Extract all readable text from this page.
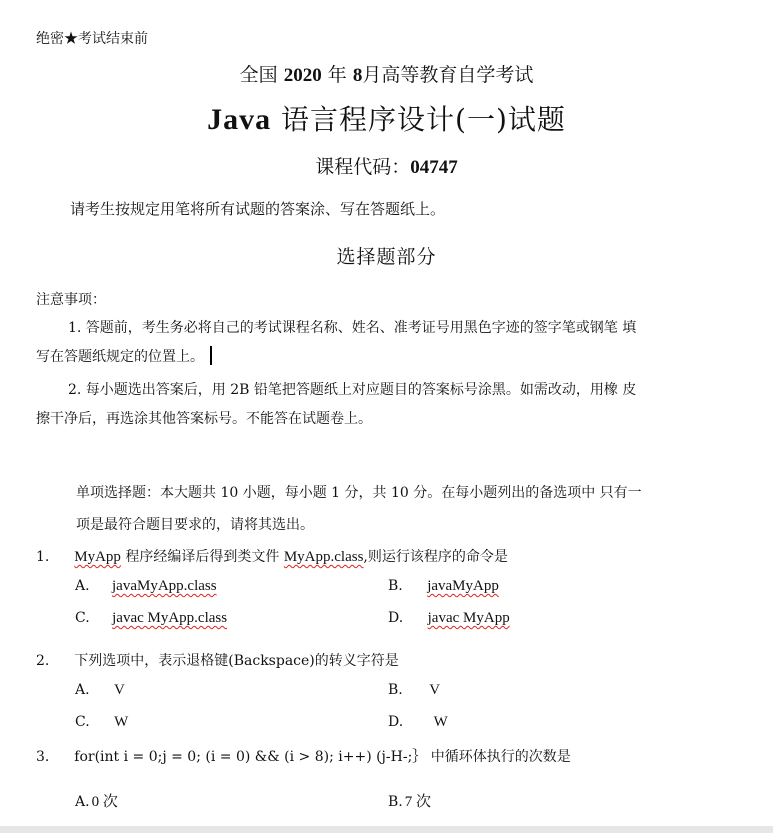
绝密★考试结束前
全国 2020 年 8月高等教育自学考试
Java 语言程序设计(一)试题
课程代码：04747
请考生按规定用笔将所有试题的答案涂、写在答题纸上。
选择题部分
注意事项：
1. 答题前，考生务必将自己的考试课程名称、姓名、准考证号用黑色字迹的签字笔或钢笔 填
写在答题纸规定的位置上。
2. 每小题选出答案后，用 2B 铅笔把答题纸上对应题目的答案标号涂黑。如需改动，用橡 皮
擦干净后，再选涂其他答案标号。不能答在试题卷上。
单项选择题：本大题共 10 小题，每小题 1 分，共 10 分。在每小题列出的备选项中 只有一
项是最符合题目要求的，请将其选出。
1. MyApp 程序经编译后得到类文件 MyApp.class,则运行该程序的命令是
A. javaMyApp.class	B. javaMyApp
C. javac MyApp.class	D. javac MyApp
2. 下列选项中，表示退格键(Backspace)的转义字符是
A. V	B. V
C. W	D. W
3. for(int i = 0;j = 0; (i = 0) && (i > 8); i++) (j-H-;｝ 中循环体执行的次数是
A. 0 次	B. 7 次
